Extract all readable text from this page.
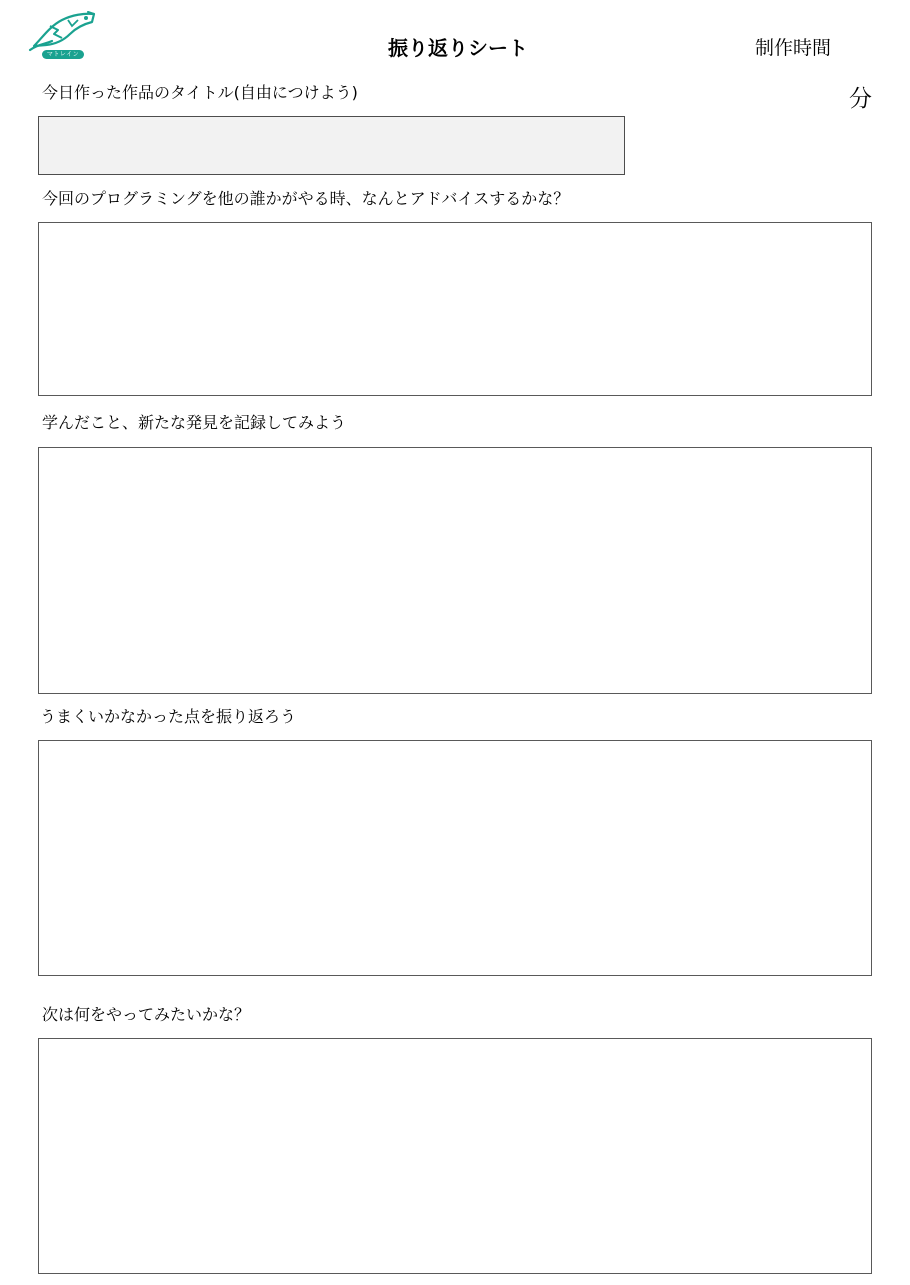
マトレイン	振り返りシート	制作時間
分
今日作った作品のタイトル(自由につけよう)
今回のプログラミングを他の誰かがやる時、なんとアドバイスするかな？
学んだこと、新たな発見を記録してみよう
うまくいかなかった点を振り返ろう
次は何をやってみたいかな？
